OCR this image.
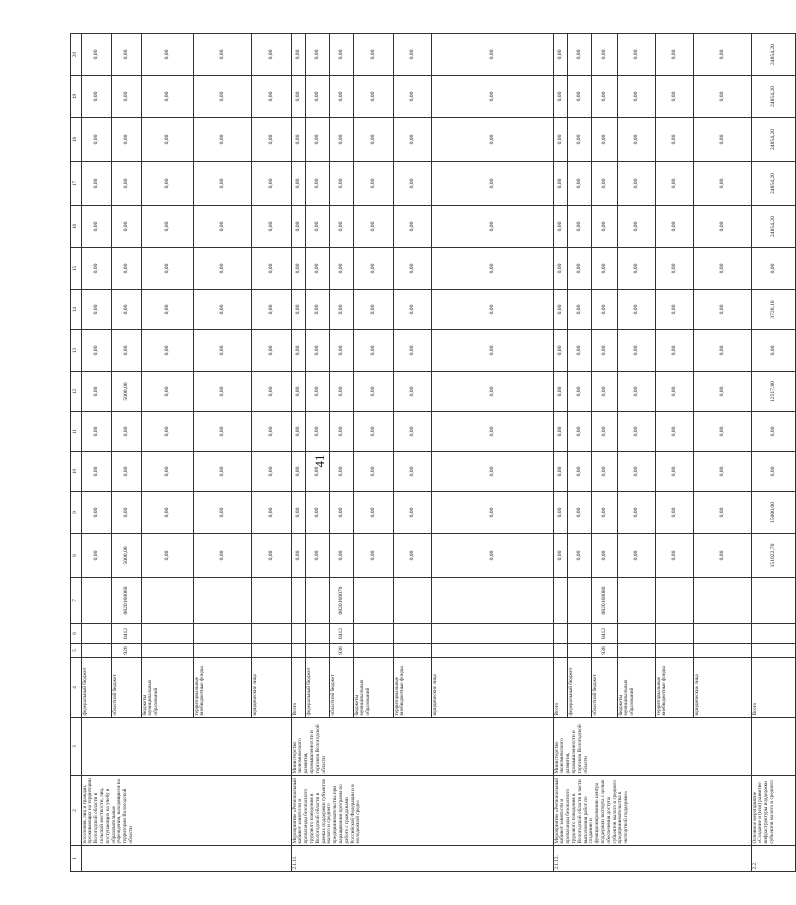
41
1	2	3	4	5	6	7	8	9	10	11	12	13	14	15	16	17	18	19	20
	поселения, лиц и граждан, проживающих на территории Вологодской области в сельской местности, лиц, поступающих на учебу в образовательные учреждения, находящиеся на территории Вологодской области		федеральный бюджет				0,00	0,00	0,00	0,00	0,00	0,00	0,00	0,00	0,00	0,00	0,00	0,00	0,00
			областной бюджет	920	0412	0820168060	5000,00	0,00	0,00	0,00	5000,00	0,00	0,00	0,00	0,00	0,00	0,00	0,00	0,00
			бюджеты муниципальных образований				0,00	0,00	0,00	0,00	0,00	0,00	0,00	0,00	0,00	0,00	0,00	0,00	0,00
			территориальные внебюджетные фонды				0,00	0,00	0,00	0,00	0,00	0,00	0,00	0,00	0,00	0,00	0,00	0,00	0,00
			юридические лица				0,00	0,00	0,00	0,00	0,00	0,00	0,00	0,00	0,00	0,00	0,00	0,00	0,00
2.1.11.	Мероприятие «Региональный кабинет занятости и пропаганды безопасного трудового поведения в Вологодской области в рамках поддержки субъектов малого и среднего предпринимательства при наращивании программ по работе с гражданами Российской Федерации и в молодежной среде»	Министерство экономического развития, промышленности и торговли Вологодской области	Всего				0,00	0,00	0,00	0,00	0,00	0,00	0,00	0,00	0,00	0,00	0,00	0,00	0,00
			федеральный бюджет				0,00	0,00	0,00	0,00	0,00	0,00	0,00	0,00	0,00	0,00	0,00	0,00	0,00
			областной бюджет	930	0412	0820168070	0,00	0,00	0,00	0,00	0,00	0,00	0,00	0,00	0,00	0,00	0,00	0,00	0,00
			бюджеты муниципальных образований				0,00	0,00	0,00	0,00	0,00	0,00	0,00	0,00	0,00	0,00	0,00	0,00	0,00
			территориальные внебюджетные фонды				0,00	0,00	0,00	0,00	0,00	0,00	0,00	0,00	0,00	0,00	0,00	0,00	0,00
			юридические лица				0,00	0,00	0,00	0,00	0,00	0,00	0,00	0,00	0,00	0,00	0,00	0,00	0,00
2.1.12.	Мероприятие «Региональный кабинет занятости и пропаганды безопасного трудового поведения в Вологодской области в части выполнения работ по созданию и функционированию центра поддержки экспорта с целью обеспечения доступа субъектов малого и среднего предпринимательства к экспортной поддержке»	Министерство экономического развития, промышленности и торговли Вологодской области	Всего				0,00	0,00	0,00	0,00	0,00	0,00	0,00	0,00	0,00	0,00	0,00	0,00	0,00
			федеральный бюджет				0,00	0,00	0,00	0,00	0,00	0,00	0,00	0,00	0,00	0,00	0,00	0,00	0,00
			областной бюджет	930	0412	0820168080	0,00	0,00	0,00	0,00	0,00	0,00	0,00	0,00	0,00	0,00	0,00	0,00	0,00
			бюджеты муниципальных образований				0,00	0,00	0,00	0,00	0,00	0,00	0,00	0,00	0,00	0,00	0,00	0,00	0,00
			территориальные внебюджетные фонды				0,00	0,00	0,00	0,00	0,00	0,00	0,00	0,00	0,00	0,00	0,00	0,00	0,00
			юридические лица				0,00	0,00	0,00	0,00	0,00	0,00	0,00	0,00	0,00	0,00	0,00	0,00	0,00
2.2.	Основное мероприятие «Создание и (или) развитие инфраструктуры поддержки субъектов малого и среднего		Всего				151022,70	15000,00	0,00	0,00	12517,80	0,00	3728,10	0,00	24854,20	24854,20	24854,20	24854,20	24854,20
